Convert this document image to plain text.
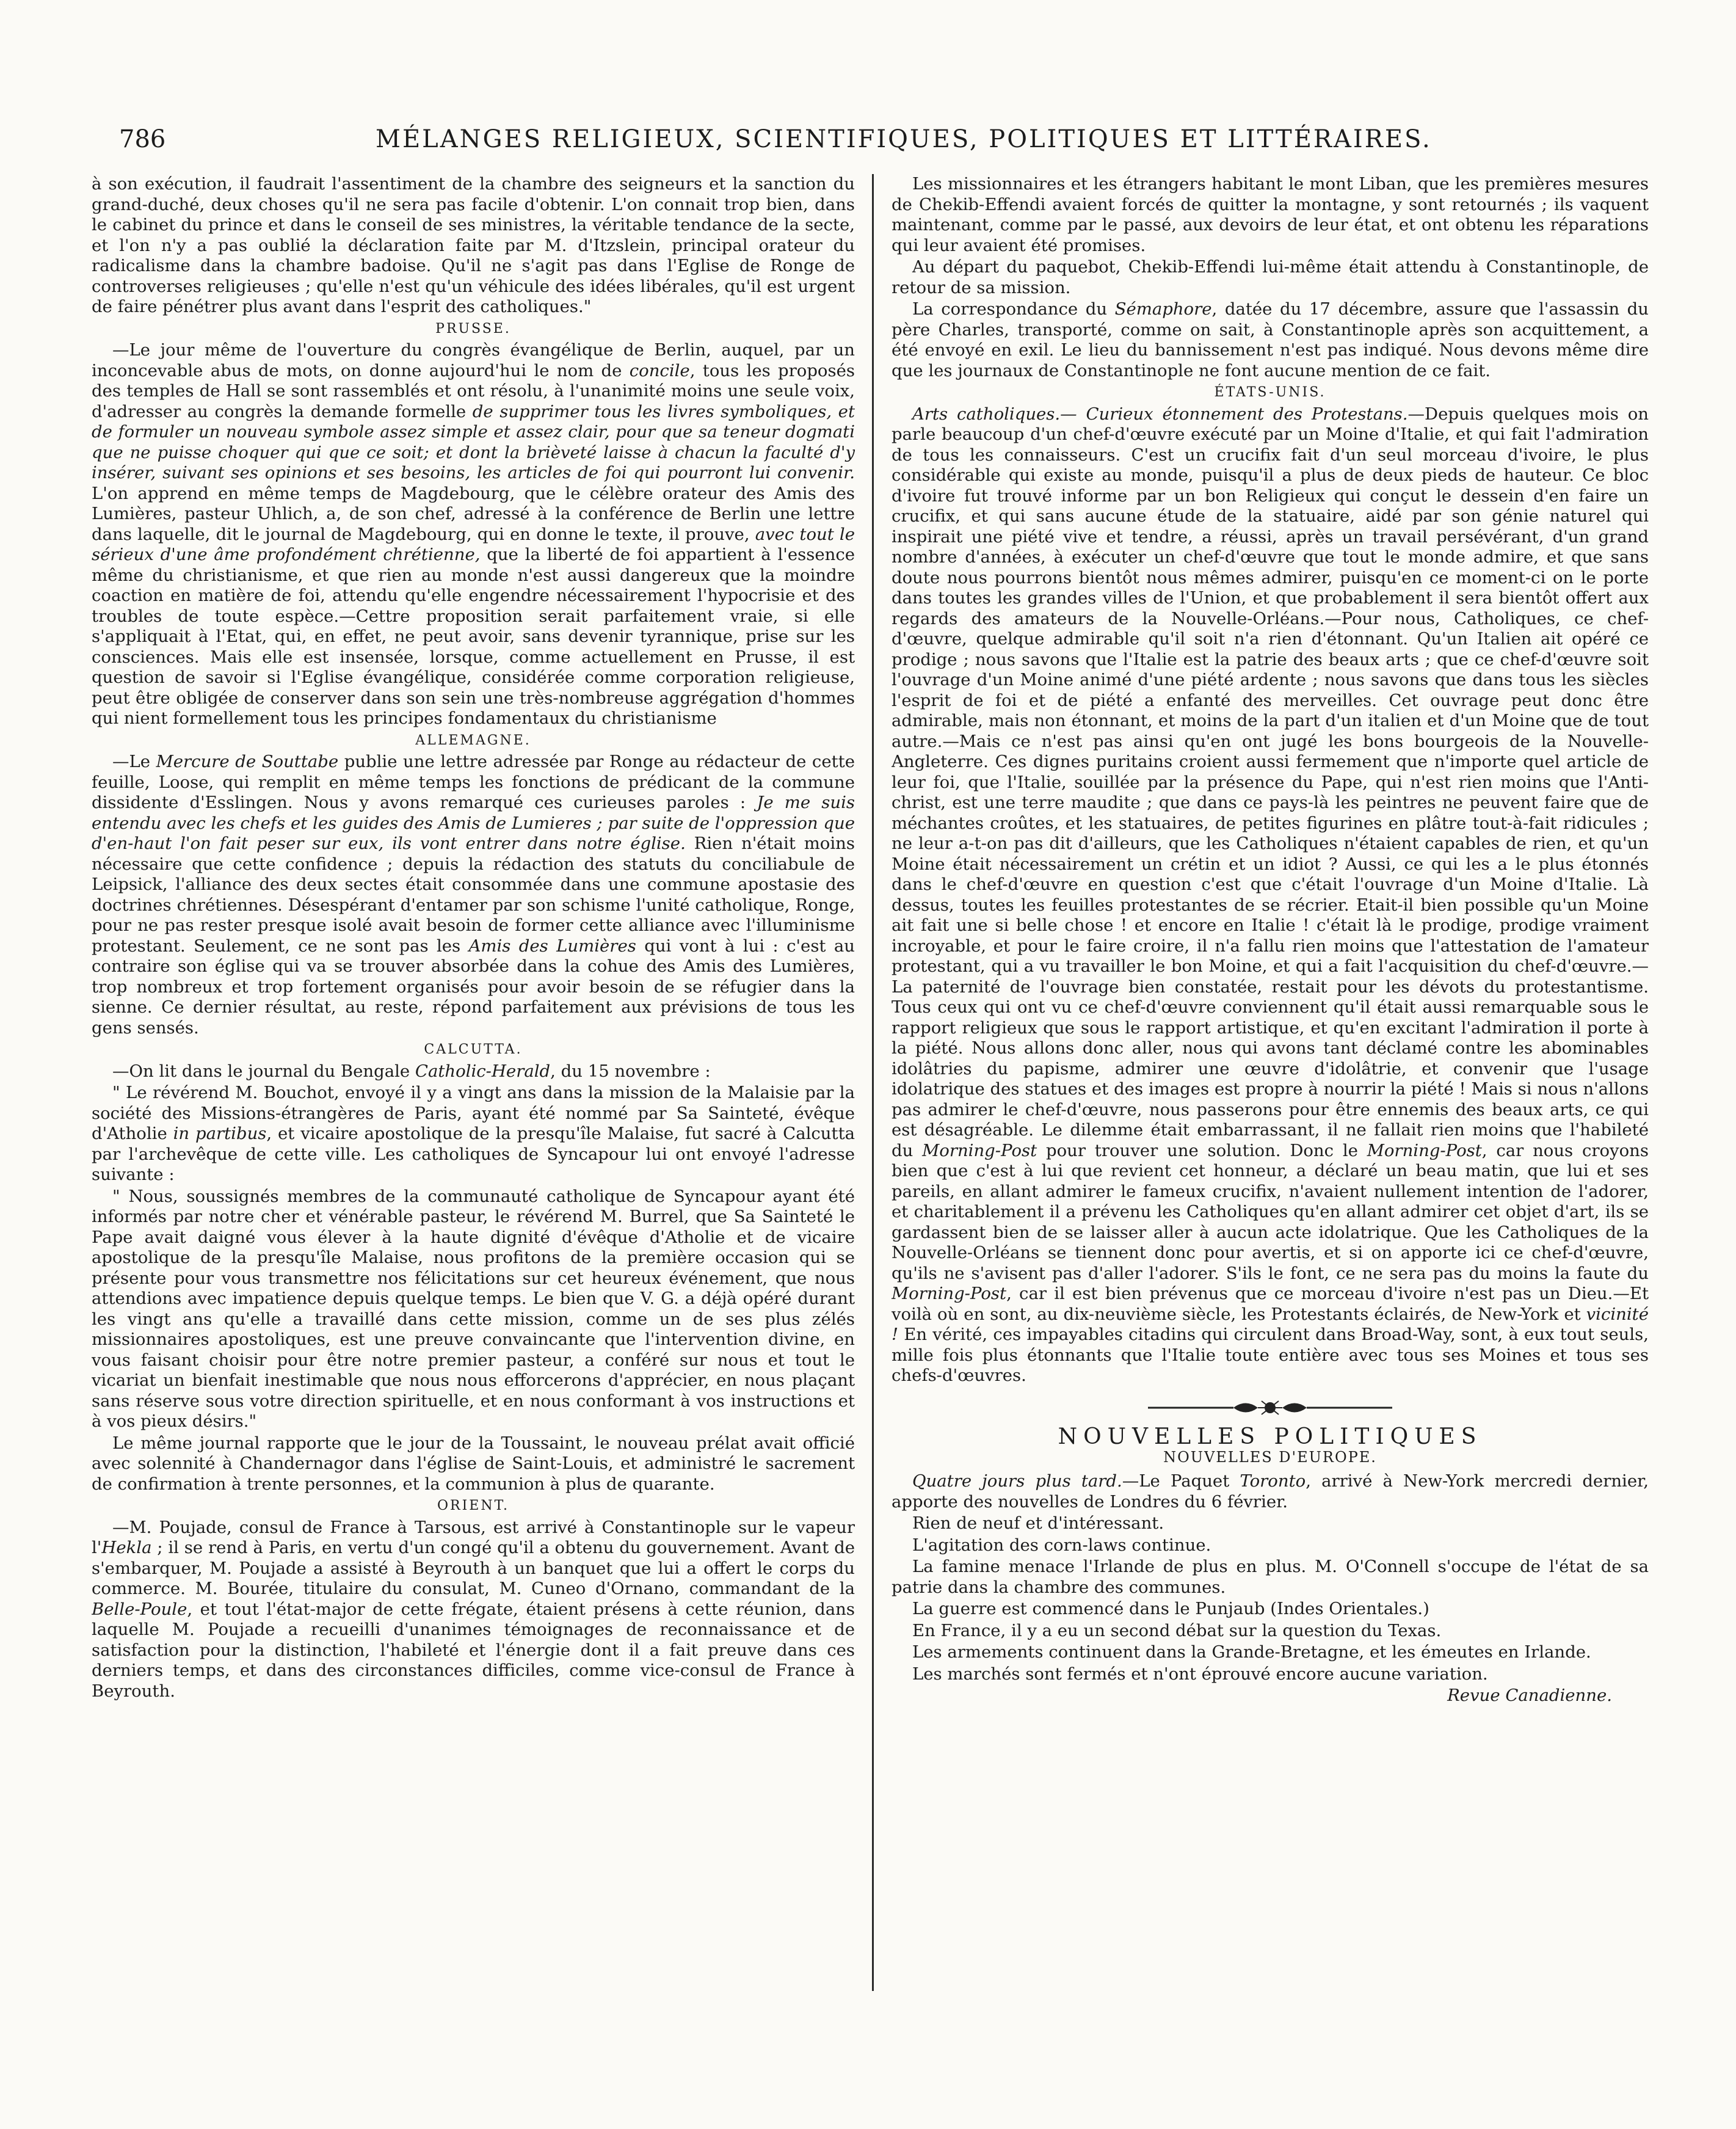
786	MÉLANGES RELIGIEUX, SCIENTIFIQUES, POLITIQUES ET LITTÉRAIRES.

à son exécution, il faudrait l'assentiment de la chambre des seigneurs et la sanction du grand-duché, deux choses qu'il ne sera pas facile d'obtenir. L'on connait trop bien, dans le cabinet du prince et dans le conseil de ses ministres, la véritable tendance de la secte, et l'on n'y a pas oublié la déclaration faite par M. d'Itzslein, principal orateur du radicalisme dans la chambre badoise. Qu'il ne s'agit pas dans l'Eglise de Ronge de controverses religieuses ; qu'elle n'est qu'un véhicule des idées libérales, qu'il est urgent de faire pénétrer plus avant dans l'esprit des catholiques."

PRUSSE.

—Le jour même de l'ouverture du congrès évangélique de Berlin, auquel, par un inconcevable abus de mots, on donne aujourd'hui le nom de concile, tous les proposés des temples de Hall se sont rassemblés et ont résolu, à l'unanimité moins une seule voix, d'adresser au congrès la demande formelle de supprimer tous les livres symboliques, et de formuler un nouveau symbole assez simple et assez clair, pour que sa teneur dogmati que ne puisse choquer qui que ce soit; et dont la brièveté laisse à chacun la faculté d'y insérer, suivant ses opinions et ses besoins, les articles de foi qui pourront lui convenir. L'on apprend en même temps de Magdebourg, que le célèbre orateur des Amis des Lumières, pasteur Uhlich, a, de son chef, adressé à la conférence de Berlin une lettre dans laquelle, dit le journal de Magdebourg, qui en donne le texte, il prouve, avec tout le sérieux d'une âme profondément chrétienne, que la liberté de foi appartient à l'essence même du christianisme, et que rien au monde n'est aussi dangereux que la moindre coaction en matière de foi, attendu qu'elle engendre nécessairement l'hypocrisie et des troubles de toute espèce.—Cettre proposition serait parfaitement vraie, si elle s'appliquait à l'Etat, qui, en effet, ne peut avoir, sans devenir tyrannique, prise sur les consciences. Mais elle est insensée, lorsque, comme actuellement en Prusse, il est question de savoir si l'Eglise évangélique, considérée comme corporation religieuse, peut être obligée de conserver dans son sein une très-nombreuse aggrégation d'hommes qui nient formellement tous les principes fondamentaux du christianisme

ALLEMAGNE.

—Le Mercure de Souttabe publie une lettre adressée par Ronge au rédacteur de cette feuille, Loose, qui remplit en même temps les fonctions de prédicant de la commune dissidente d'Esslingen. Nous y avons remarqué ces curieuses paroles : Je me suis entendu avec les chefs et les guides des Amis de Lumieres ; par suite de l'oppression que d'en-haut l'on fait peser sur eux, ils vont entrer dans notre église. Rien n'était moins nécessaire que cette confidence ; depuis la rédaction des statuts du conciliabule de Leipsick, l'alliance des deux sectes était consommée dans une commune apostasie des doctrines chrétiennes. Désespérant d'entamer par son schisme l'unité catholique, Ronge, pour ne pas rester presque isolé avait besoin de former cette alliance avec l'illuminisme protestant. Seulement, ce ne sont pas les Amis des Lumières qui vont à lui : c'est au contraire son église qui va se trouver absorbée dans la cohue des Amis des Lumières, trop nombreux et trop fortement organisés pour avoir besoin de se réfugier dans la sienne. Ce dernier résultat, au reste, répond parfaitement aux prévisions de tous les gens sensés.

CALCUTTA.

—On lit dans le journal du Bengale Catholic-Herald, du 15 novembre :

" Le révérend M. Bouchot, envoyé il y a vingt ans dans la mission de la Malaisie par la société des Missions-étrangères de Paris, ayant été nommé par Sa Sainteté, évêque d'Atholie in partibus, et vicaire apostolique de la presqu'île Malaise, fut sacré à Calcutta par l'archevêque de cette ville. Les catholiques de Syncapour lui ont envoyé l'adresse suivante :

" Nous, soussignés membres de la communauté catholique de Syncapour ayant été informés par notre cher et vénérable pasteur, le révérend M. Burrel, que Sa Sainteté le Pape avait daigné vous élever à la haute dignité d'évêque d'Atholie et de vicaire apostolique de la presqu'île Malaise, nous profitons de la première occasion qui se présente pour vous transmettre nos félicitations sur cet heureux événement, que nous attendions avec impatience depuis quelque temps. Le bien que V. G. a déjà opéré durant les vingt ans qu'elle a travaillé dans cette mission, comme un de ses plus zélés missionnaires apostoliques, est une preuve convaincante que l'intervention divine, en vous faisant choisir pour être notre premier pasteur, a conféré sur nous et tout le vicariat un bienfait inestimable que nous nous efforcerons d'apprécier, en nous plaçant sans réserve sous votre direction spirituelle, et en nous conformant à vos instructions et à vos pieux désirs."

Le même journal rapporte que le jour de la Toussaint, le nouveau prélat avait officié avec solennité à Chandernagor dans l'église de Saint-Louis, et administré le sacrement de confirmation à trente personnes, et la communion à plus de quarante.

ORIENT.

—M. Poujade, consul de France à Tarsous, est arrivé à Constantinople sur le vapeur l'Hekla ; il se rend à Paris, en vertu d'un congé qu'il a obtenu du gouvernement. Avant de s'embarquer, M. Poujade a assisté à Beyrouth à un banquet que lui a offert le corps du commerce. M. Bourée, titulaire du consulat, M. Cuneo d'Ornano, commandant de la Belle-Poule, et tout l'état-major de cette frégate, étaient présens à cette réunion, dans laquelle M. Poujade a recueilli d'unanimes témoignages de reconnaissance et de satisfaction pour la distinction, l'habileté et l'énergie dont il a fait preuve dans ces derniers temps, et dans des circonstances difficiles, comme vice-consul de France à Beyrouth.

Les missionnaires et les étrangers habitant le mont Liban, que les premières mesures de Chekib-Effendi avaient forcés de quitter la montagne, y sont retournés ; ils vaquent maintenant, comme par le passé, aux devoirs de leur état, et ont obtenu les réparations qui leur avaient été promises.

Au départ du paquebot, Chekib-Effendi lui-même était attendu à Constantinople, de retour de sa mission.

La correspondance du Sémaphore, datée du 17 décembre, assure que l'assassin du père Charles, transporté, comme on sait, à Constantinople après son acquittement, a été envoyé en exil. Le lieu du bannissement n'est pas indiqué. Nous devons même dire que les journaux de Constantinople ne font aucune mention de ce fait.

ÉTATS-UNIS.

Arts catholiques.— Curieux étonnement des Protestans.—Depuis quelques mois on parle beaucoup d'un chef-d'œuvre exécuté par un Moine d'Italie, et qui fait l'admiration de tous les connaisseurs. C'est un crucifix fait d'un seul morceau d'ivoire, le plus considérable qui existe au monde, puisqu'il a plus de deux pieds de hauteur. Ce bloc d'ivoire fut trouvé informe par un bon Religieux qui conçut le dessein d'en faire un crucifix, et qui sans aucune étude de la statuaire, aidé par son génie naturel qui inspirait une piété vive et tendre, a réussi, après un travail persévérant, d'un grand nombre d'années, à exécuter un chef-d'œuvre que tout le monde admire, et que sans doute nous pourrons bientôt nous mêmes admirer, puisqu'en ce moment-ci on le porte dans toutes les grandes villes de l'Union, et que probablement il sera bientôt offert aux regards des amateurs de la Nouvelle-Orléans.—Pour nous, Catholiques, ce chef-d'œuvre, quelque admirable qu'il soit n'a rien d'étonnant. Qu'un Italien ait opéré ce prodige ; nous savons que l'Italie est la patrie des beaux arts ; que ce chef-d'œuvre soit l'ouvrage d'un Moine animé d'une piété ardente ; nous savons que dans tous les siècles l'esprit de foi et de piété a enfanté des merveilles. Cet ouvrage peut donc être admirable, mais non étonnant, et moins de la part d'un italien et d'un Moine que de tout autre.—Mais ce n'est pas ainsi qu'en ont jugé les bons bourgeois de la Nouvelle-Angleterre. Ces dignes puritains croient aussi fermement que n'importe quel article de leur foi, que l'Italie, souillée par la présence du Pape, qui n'est rien moins que l'Anti-christ, est une terre maudite ; que dans ce pays-là les peintres ne peuvent faire que de méchantes croûtes, et les statuaires, de petites figurines en plâtre tout-à-fait ridicules ; ne leur a-t-on pas dit d'ailleurs, que les Catholiques n'étaient capables de rien, et qu'un Moine était nécessairement un crétin et un idiot ? Aussi, ce qui les a le plus étonnés dans le chef-d'œuvre en question c'est que c'était l'ouvrage d'un Moine d'Italie. Là dessus, toutes les feuilles protestantes de se récrier. Etait-il bien possible qu'un Moine ait fait une si belle chose ! et encore en Italie ! c'était là le prodige, prodige vraiment incroyable, et pour le faire croire, il n'a fallu rien moins que l'attestation de l'amateur protestant, qui a vu travailler le bon Moine, et qui a fait l'acquisition du chef-d'œuvre.—La paternité de l'ouvrage bien constatée, restait pour les dévots du protestantisme. Tous ceux qui ont vu ce chef-d'œuvre conviennent qu'il était aussi remarquable sous le rapport religieux que sous le rapport artistique, et qu'en excitant l'admiration il porte à la piété. Nous allons donc aller, nous qui avons tant déclamé contre les abominables idolâtries du papisme, admirer une œuvre d'idolâtrie, et convenir que l'usage idolatrique des statues et des images est propre à nourrir la piété ! Mais si nous n'allons pas admirer le chef-d'œuvre, nous passerons pour être ennemis des beaux arts, ce qui est désagréable. Le dilemme était embarrassant, il ne fallait rien moins que l'habileté du Morning-Post pour trouver une solution. Donc le Morning-Post, car nous croyons bien que c'est à lui que revient cet honneur, a déclaré un beau matin, que lui et ses pareils, en allant admirer le fameux crucifix, n'avaient nullement intention de l'adorer, et charitablement il a prévenu les Catholiques qu'en allant admirer cet objet d'art, ils se gardassent bien de se laisser aller à aucun acte idolatrique. Que les Catholiques de la Nouvelle-Orléans se tiennent donc pour avertis, et si on apporte ici ce chef-d'œuvre, qu'ils ne s'avisent pas d'aller l'adorer. S'ils le font, ce ne sera pas du moins la faute du Morning-Post, car il est bien prévenus que ce morceau d'ivoire n'est pas un Dieu.—Et voilà où en sont, au dix-neuvième siècle, les Protestants éclairés, de New-York et vicinité ! En vérité, ces impayables citadins qui circulent dans Broad-Way, sont, à eux tout seuls, mille fois plus étonnants que l'Italie toute entière avec tous ses Moines et tous ses chefs-d'œuvres.

NOUVELLES POLITIQUES
NOUVELLES D'EUROPE.

Quatre jours plus tard.—Le Paquet Toronto, arrivé à New-York mercredi dernier, apporte des nouvelles de Londres du 6 février.

Rien de neuf et d'intéressant.

L'agitation des corn-laws continue.

La famine menace l'Irlande de plus en plus. M. O'Connell s'occupe de l'état de sa patrie dans la chambre des communes.

La guerre est commencé dans le Punjaub (Indes Orientales.)

En France, il y a eu un second débat sur la question du Texas.

Les armements continuent dans la Grande-Bretagne, et les émeutes en Irlande.

Les marchés sont fermés et n'ont éprouvé encore aucune variation.

Revue Canadienne.
